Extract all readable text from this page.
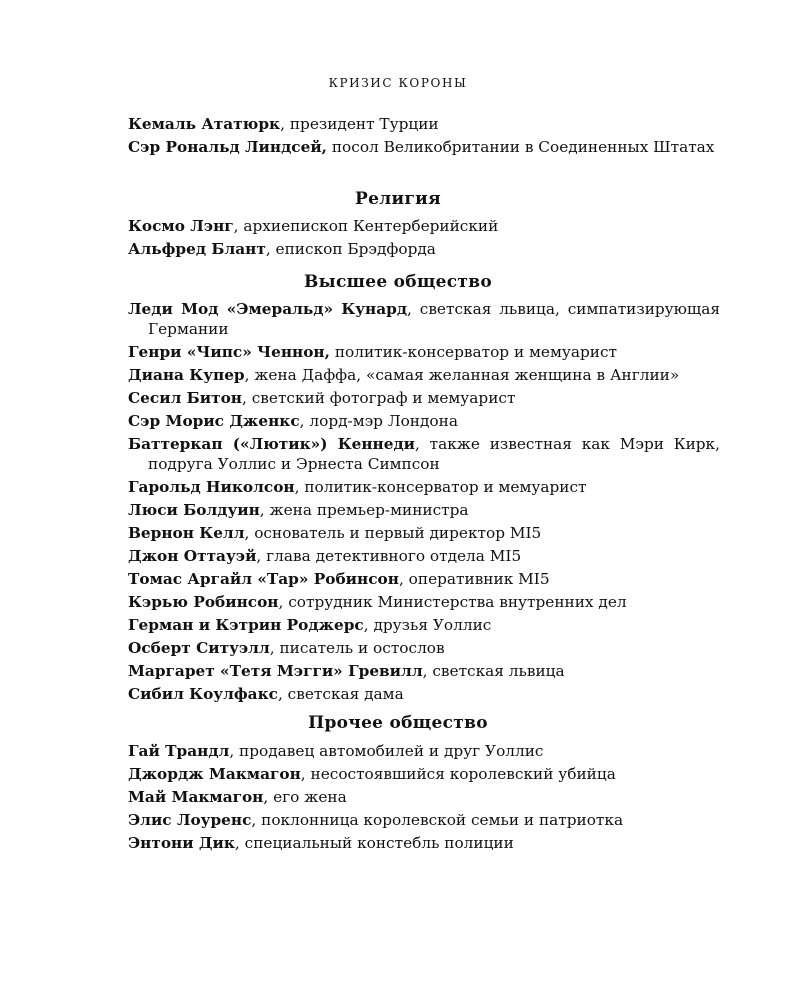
КРИЗИС КОРОНЫ
Кемаль Ататюрк, президент Турции
Сэр Рональд Линдсей, посол Великобритании в Соединенных Штатах
Религия
Космо Лэнг, архиепископ Кентерберийский
Альфред Блант, епископ Брэдфорда
Высшее общество
Леди Мод «Эмеральд» Кунард, светская львица, симпатизирующая Германии
Генри «Чипс» Ченнон, политик-консерватор и мемуарист
Диана Купер, жена Даффа, «самая желанная женщина в Англии»
Сесил Битон, светский фотограф и мемуарист
Сэр Морис Дженкс, лорд-мэр Лондона
Баттеркап («Лютик») Кеннеди, также известная как Мэри Кирк, подруга Уоллис и Эрнеста Симпсон
Гарольд Николсон, политик-консерватор и мемуарист
Люси Болдуин, жена премьер-министра
Вернон Келл, основатель и первый директор MI5
Джон Оттауэй, глава детективного отдела MI5
Томас Аргайл «Тар» Робинсон, оперативник MI5
Кэрью Робинсон, сотрудник Министерства внутренних дел
Герман и Кэтрин Роджерс, друзья Уоллис
Осберт Ситуэлл, писатель и остослов
Маргарет «Тетя Мэгги» Гревилл, светская львица
Сибил Коулфакс, светская дама
Прочее общество
Гай Трандл, продавец автомобилей и друг Уоллис
Джордж Макмагон, несостоявшийся королевский убийца
Май Макмагон, его жена
Элис Лоуренс, поклонница королевской семьи и патриотка
Энтони Дик, специальный констебль полиции
